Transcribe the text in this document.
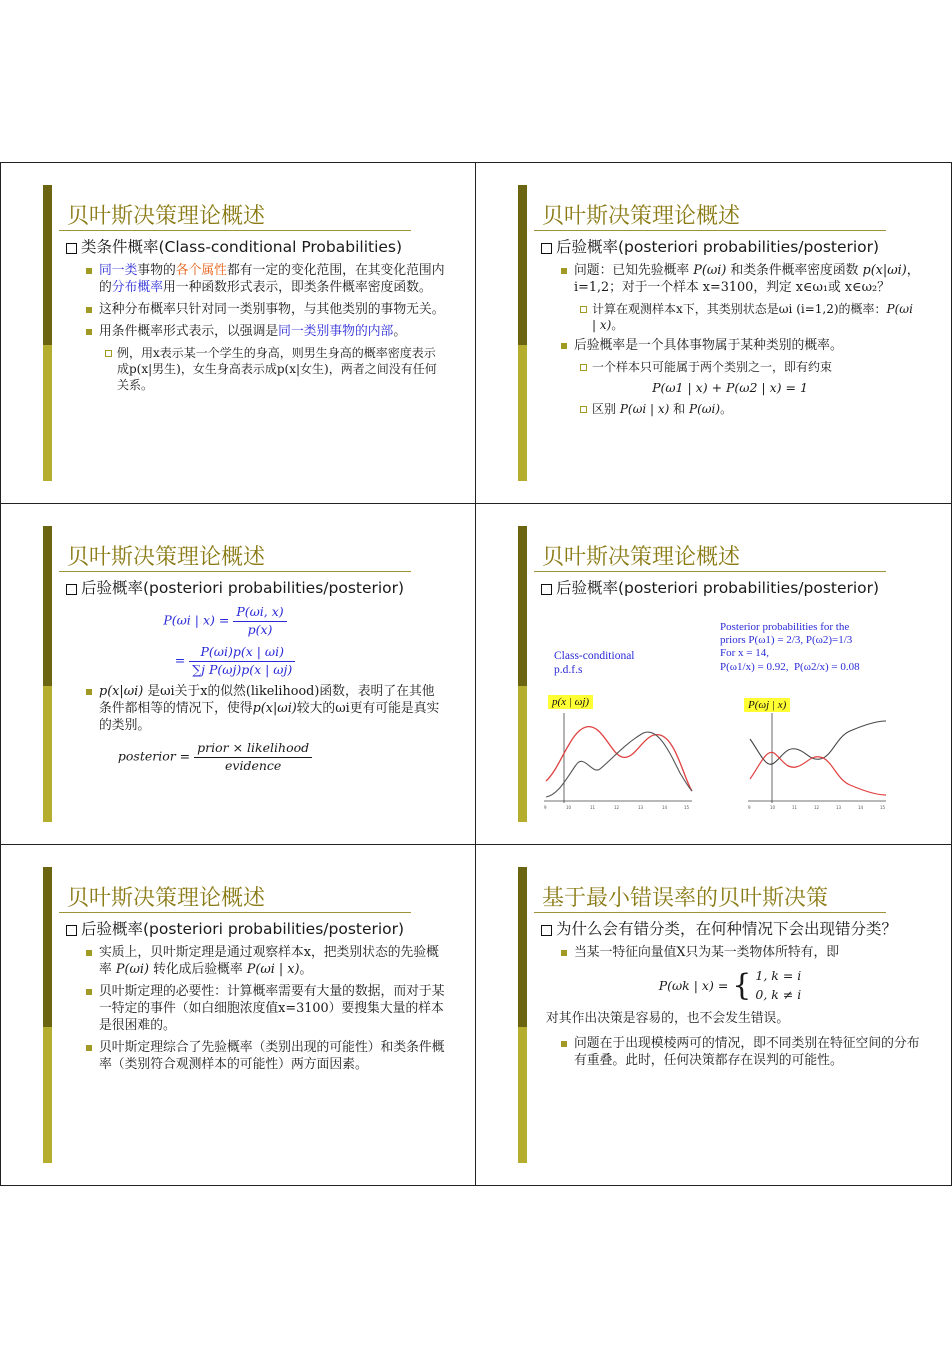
贝叶斯决策理论概述
类条件概率(Class-conditional Probabilities)
同一类事物的各个属性都有一定的变化范围，在其变化范围内的分布概率用一种函数形式表示，即类条件概率密度函数。
这种分布概率只针对同一类别事物，与其他类别的事物无关。
用条件概率形式表示，以强调是同一类别事物的内部。
例，用x表示某一个学生的身高，则男生身高的概率密度表示成p(x|男生)，女生身高表示成p(x|女生)，两者之间没有任何关系。
贝叶斯决策理论概述
后验概率(posteriori probabilities/posterior)
问题：已知先验概率 P(ωi) 和类条件概率密度函数 p(x|ωi)，i=1,2；对于一个样本 x=3100，判定 x∈ω₁或 x∈ω₂？
计算在观测样本x下，其类别状态是ωi (i=1,2)的概率：P(ωi | x)。
后验概率是一个具体事物属于某种类别的概率。
一个样本只可能属于两个类别之一，即有约束
P(ω1 | x) + P(ω2 | x) = 1
区别 P(ωi | x) 和 P(ωi)。
贝叶斯决策理论概述
后验概率(posteriori probabilities/posterior)
P(ωi | $x) = \frac{P(\omega i, x)}{p(x)}$
= $\frac{P(\omega i)p(x | \omega i)}{\text{∑j P(ωj)p(x | ωj)}}$
p(x|ωi) 是ωi关于x的似然(likelihood)函数，表明了在其他条件都相等的情况下，使得p(x|ωi)较大的ωi更有可能是真实的类别。
posterior = $\frac{\text{prior × likelihood}}{\text{evidence}}$
贝叶斯决策理论概述
后验概率(posteriori probabilities/posterior)
Class-conditional
p.d.f.s
Posterior probabilities for the
priors P(ω1) = 2/3, P(ω2)=1/3
For x = 14,
P(ω1/x) = 0.92,  P(ω2/x) = 0.08
p(x | ωj)	P(ωj | x)
9	10	11	12	13	14	15	9	10	11	12	13	14	15
贝叶斯决策理论概述
后验概率(posteriori probabilities/posterior)
实质上，贝叶斯定理是通过观察样本x，把类别状态的先验概率 P(ωi) 转化成后验概率 P(ωi | x)。
贝叶斯定理的必要性：计算概率需要有大量的数据，而对于某一特定的事件（如白细胞浓度值x=3100）要搜集大量的样本是很困难的。
贝叶斯定理综合了先验概率（类别出现的可能性）和类条件概率（类别符合观测样本的可能性）两方面因素。
基于最小错误率的贝叶斯决策
为什么会有错分类，在何种情况下会出现错分类？
当某一特征向量值X只为某一类物体所特有，即
P(ωk | x) = { 1, k = i
0, k ≠ i
对其作出决策是容易的，也不会发生错误。
问题在于出现模棱两可的情况，即不同类别在特征空间的分布有重叠。此时，任何决策都存在误判的可能性。
